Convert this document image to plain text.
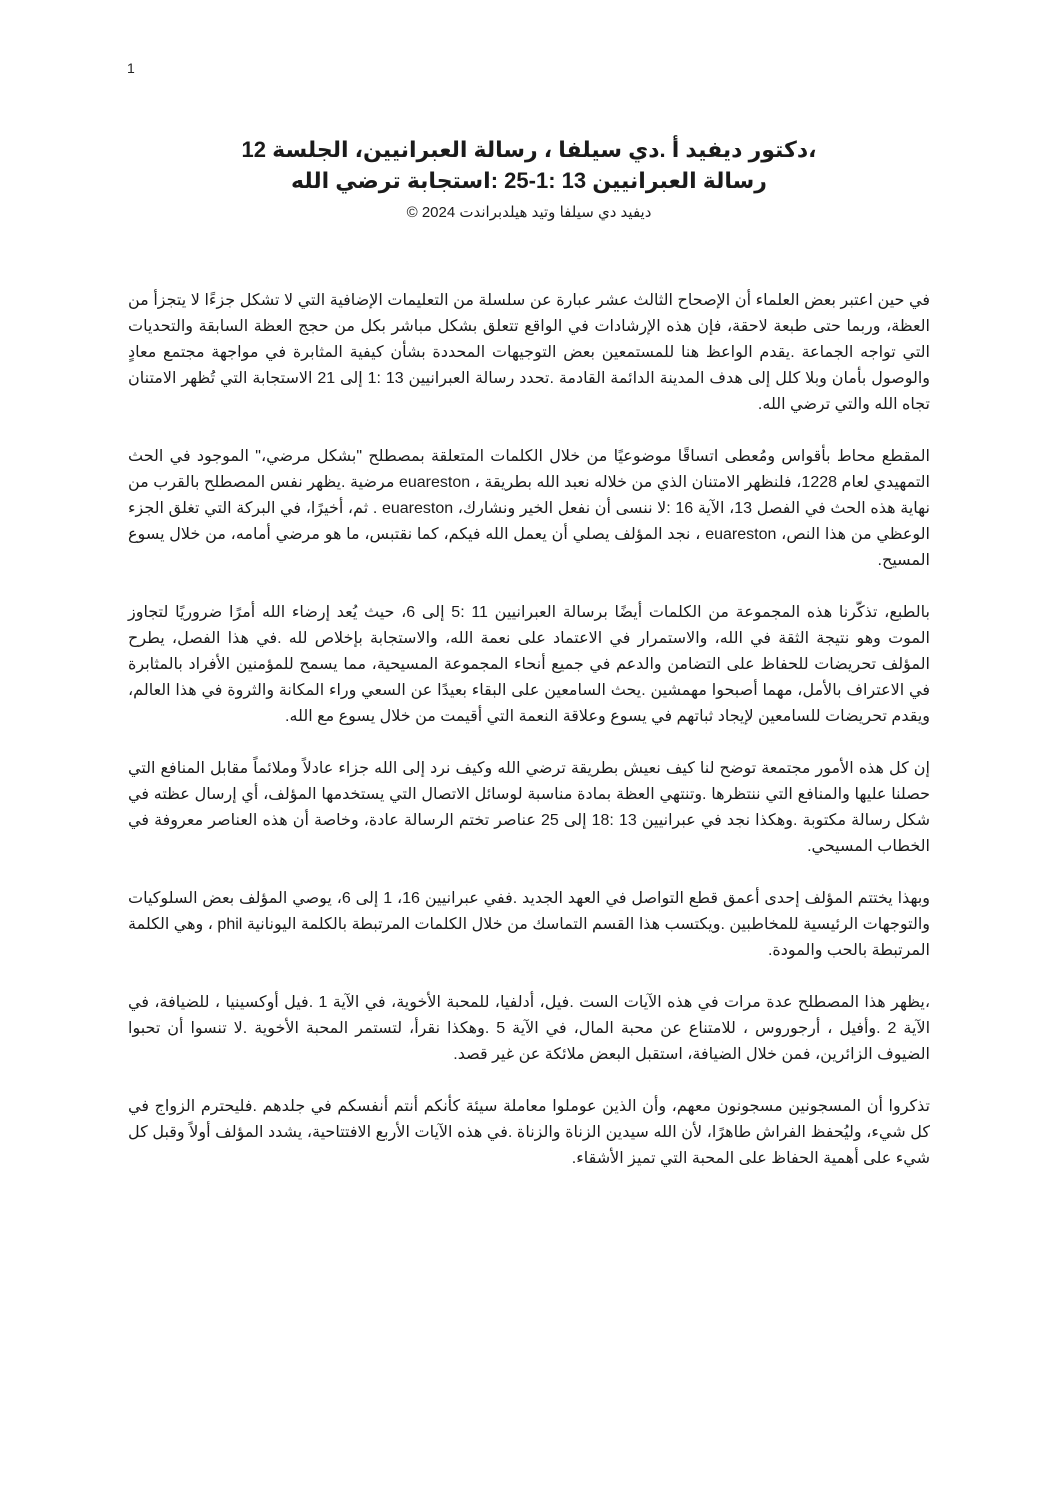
1

،دكتور ديفيد أ .دي سيلفا ، رسالة العبرانيين، الجلسة 12

رسالة العبرانيين 13 :1-25 :استجابة ترضي الله

ديفيد دي سيلفا وتيد هيلدبراندت 2024 ©

في حين اعتبر بعض العلماء أن الإصحاح الثالث عشر عبارة عن سلسلة من التعليمات الإضافية التي لا تشكل جزءًا لا يتجزأ من العظة، وربما حتى طبعة لاحقة، فإن هذه الإرشادات في الواقع تتعلق بشكل مباشر بكل من حجج العظة السابقة والتحديات التي تواجه الجماعة .يقدم الواعظ هنا للمستمعين بعض التوجيهات المحددة بشأن كيفية المثابرة في مواجهة مجتمع معادٍ والوصول بأمان وبلا كلل إلى هدف المدينة الدائمة القادمة .تحدد رسالة العبرانيين 13 :1 إلى 21 الاستجابة التي تُظهر الامتنان تجاه الله والتي ترضي الله.

المقطع محاط بأقواس ومُعطى اتساقًا موضوعيًا من خلال الكلمات المتعلقة بمصطلح "بشكل مرضي،" الموجود في الحث التمهيدي لعام 1228، فلنظهر الامتنان الذي من خلاله نعبد الله بطريقة ، euareston مرضية .يظهر نفس المصطلح بالقرب من نهاية هذه الحث في الفصل 13، الآية 16 :لا ننسى أن نفعل الخير ونشارك، euareston . ثم، أخيرًا، في البركة التي تغلق الجزء الوعظي من هذا النص، euareston ، نجد المؤلف يصلي أن يعمل الله فيكم، كما نقتبس، ما هو مرضي أمامه، من خلال يسوع المسيح.

بالطبع، تذكّرنا هذه المجموعة من الكلمات أيضًا برسالة العبرانيين 11 :5 إلى 6، حيث يُعد إرضاء الله أمرًا ضروريًا لتجاوز الموت وهو نتيجة الثقة في الله، والاستمرار في الاعتماد على نعمة الله، والاستجابة بإخلاص لله .في هذا الفصل، يطرح المؤلف تحريضات للحفاظ على التضامن والدعم في جميع أنحاء المجموعة المسيحية، مما يسمح للمؤمنين الأفراد بالمثابرة في الاعتراف بالأمل، مهما أصبحوا مهمشين .يحث السامعين على البقاء بعيدًا عن السعي وراء المكانة والثروة في هذا العالم، ويقدم تحريضات للسامعين لإيجاد ثباتهم في يسوع وعلاقة النعمة التي أقيمت من خلال يسوع مع الله.

إن كل هذه الأمور مجتمعة توضح لنا كيف نعيش بطريقة ترضي الله وكيف نرد إلى الله جزاء عادلاً وملائماً مقابل المنافع التي حصلنا عليها والمنافع التي ننتظرها .وتنتهي العظة بمادة مناسبة لوسائل الاتصال التي يستخدمها المؤلف، أي إرسال عظته في شكل رسالة مكتوبة .وهكذا نجد في عبرانيين 13 :18 إلى 25 عناصر تختم الرسالة عادة، وخاصة أن هذه العناصر معروفة في الخطاب المسيحي.

وبهذا يختتم المؤلف إحدى أعمق قطع التواصل في العهد الجديد .ففي عبرانيين 16، 1 إلى 6، يوصي المؤلف بعض السلوكيات والتوجهات الرئيسية للمخاطبين .ويكتسب هذا القسم التماسك من خلال الكلمات المرتبطة بالكلمة اليونانية phil ، وهي الكلمة المرتبطة بالحب والمودة.

،يظهر هذا المصطلح عدة مرات في هذه الآيات الست .فيل، أدلفيا، للمحبة الأخوية، في الآية 1 .فيل أوكسينيا ، للضيافة، في الآية 2 .وأفيل ، أرجوروس ، للامتناع عن محبة المال، في الآية 5 .وهكذا نقرأ، لتستمر المحبة الأخوية .لا تنسوا أن تحبوا الضيوف الزائرين، فمن خلال الضيافة، استقبل البعض ملائكة عن غير قصد.

تذكروا أن المسجونين مسجونون معهم، وأن الذين عوملوا معاملة سيئة كأنكم أنتم أنفسكم في جلدهم .فليحترم الزواج في كل شيء، وليُحفظ الفراش طاهرًا، لأن الله سيدين الزناة والزناة .في هذه الآيات الأربع الافتتاحية، يشدد المؤلف أولاً وقبل كل شيء على أهمية الحفاظ على المحبة التي تميز الأشقاء.
